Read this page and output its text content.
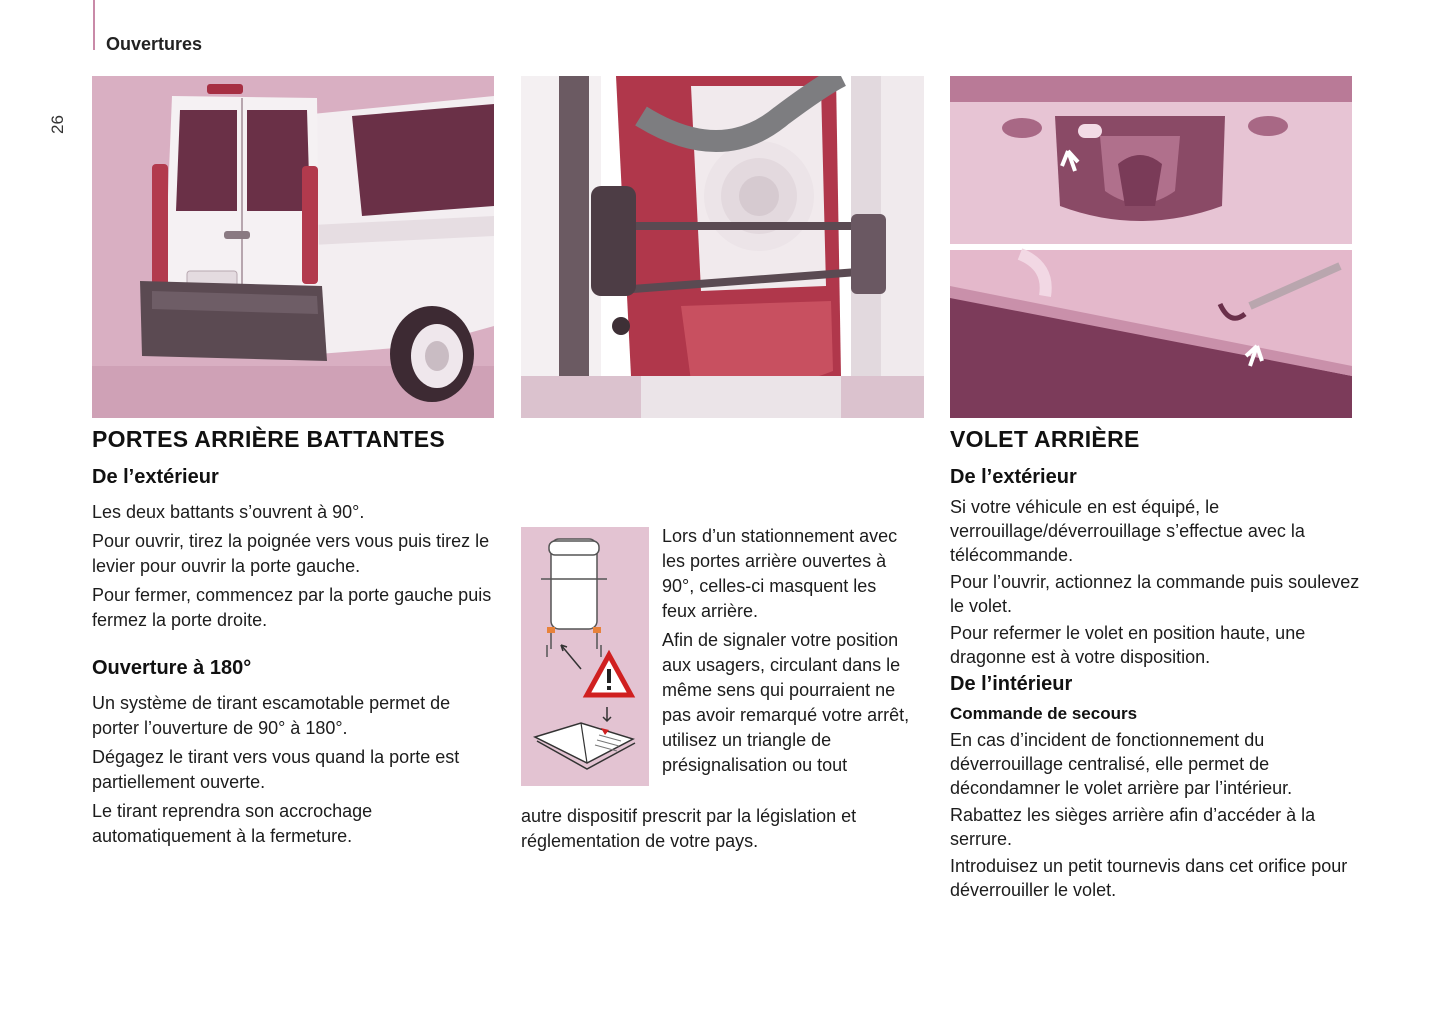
Ouvertures
26
PORTES ARRIÈRE BATTANTES
De l’extérieur

Les deux battants s’ouvrent à 90°.

Pour ouvrir, tirez la poignée vers vous puis tirez le levier pour ouvrir la porte gauche.

Pour fermer, commencez par la porte gauche puis fermez la porte droite.

Ouverture à 180°

Un système de tirant escamotable permet de porter l’ouverture de 90° à 180°.

Dégagez le tirant vers vous quand la porte est partiellement ouverte.

Le tirant reprendra son accrochage automatiquement à la fermeture.

Lors d’un stationnement avec les portes arrière ouvertes à 90°, celles-ci masquent les feux arrière.

Afin de signaler votre position aux usagers, circulant dans le même sens qui pourraient ne pas avoir remarqué votre arrêt, utilisez un triangle de présignalisation ou tout

autre dispositif prescrit par la législation et réglementation de votre pays.

VOLET ARRIÈRE
De l’extérieur

Si votre véhicule en est équipé, le verrouillage/déverrouillage s’effectue avec la télécommande.

Pour l’ouvrir, actionnez la commande puis soulevez le volet.

Pour refermer le volet en position haute, une dragonne est à votre disposition.

De l’intérieur
Commande de secours

En cas d’incident de fonctionnement du déverrouillage centralisé, elle permet de décondamner le volet arrière par l’intérieur.

Rabattez les sièges arrière afin d’accéder à la serrure.

Introduisez un petit tournevis dans cet orifice pour déverrouiller le volet.
